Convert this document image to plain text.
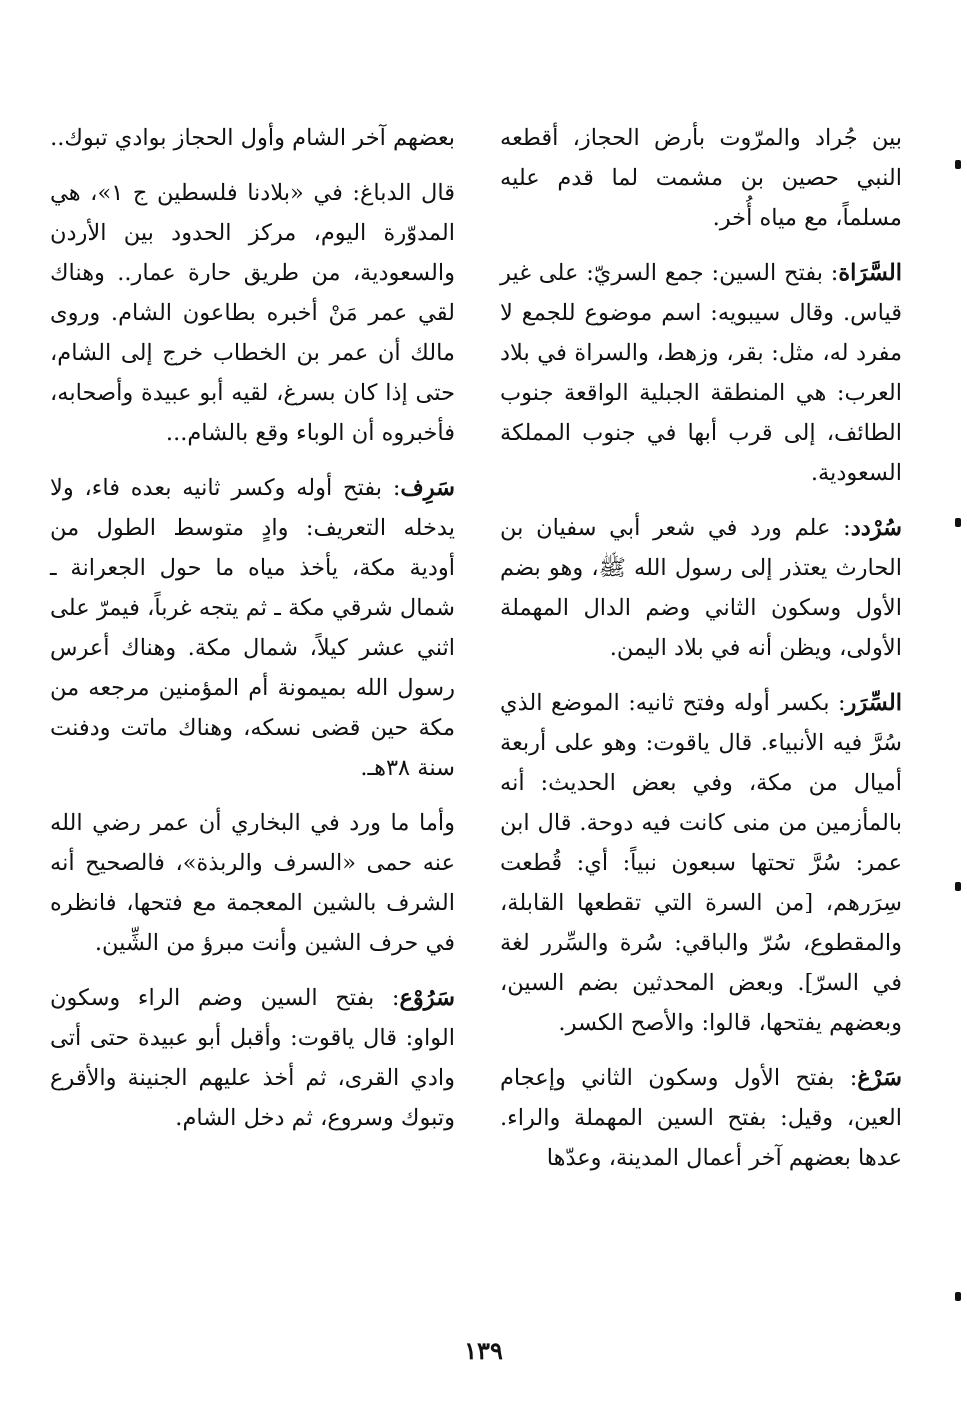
بين جُراد والمرّوت بأرض الحجاز، أقطعه النبي حصين بن مشمت لما قدم عليه مسلماً، مع مياه أُخر.

السَّرَاة: بفتح السين: جمع السريّ: على غير قياس. وقال سيبويه: اسم موضوع للجمع لا مفرد له، مثل: بقر، وزهط، والسراة في بلاد العرب: هي المنطقة الجبلية الواقعة جنوب الطائف، إلى قرب أبها في جنوب المملكة السعودية.

سُرْدد: علم ورد في شعر أبي سفيان بن الحارث يعتذر إلى رسول الله ﷺ، وهو بضم الأول وسكون الثاني وضم الدال المهملة الأولى، ويظن أنه في بلاد اليمن.

السِّرَر: بكسر أوله وفتح ثانيه: الموضع الذي سُرَّ فيه الأنبياء. قال ياقوت: وهو على أربعة أميال من مكة، وفي بعض الحديث: أنه بالمأزمين من منى كانت فيه دوحة. قال ابن عمر: سُرَّ تحتها سبعون نبياً: أي: قُطعت سِرَرهم، [من السرة التي تقطعها القابلة، والمقطوع، سُرّ والباقي: سُرة والسِّرر لغة في السرّ]. وبعض المحدثين بضم السين، وبعضهم يفتحها، قالوا: والأصح الكسر.

سَرْغ: بفتح الأول وسكون الثاني وإعجام العين، وقيل: بفتح السين المهملة والراء. عدها بعضهم آخر أعمال المدينة، وعدّها

بعضهم آخر الشام وأول الحجاز بوادي تبوك..

قال الدباغ: في «بلادنا فلسطين ج ١»، هي المدوّرة اليوم، مركز الحدود بين الأردن والسعودية، من طريق حارة عمار.. وهناك لقي عمر مَنْ أخبره بطاعون الشام. وروى مالك أن عمر بن الخطاب خرج إلى الشام، حتى إذا كان بسرغ، لقيه أبو عبيدة وأصحابه، فأخبروه أن الوباء وقع بالشام...

سَرِف: بفتح أوله وكسر ثانيه بعده فاء، ولا يدخله التعريف: وادٍ متوسط الطول من أودية مكة، يأخذ مياه ما حول الجعرانة ـ شمال شرقي مكة ـ ثم يتجه غرباً، فيمرّ على اثني عشر كيلاً، شمال مكة. وهناك أعرس رسول الله بميمونة أم المؤمنين مرجعه من مكة حين قضى نسكه، وهناك ماتت ودفنت سنة ٣٨هـ.

وأما ما ورد في البخاري أن عمر رضي الله عنه حمى «السرف والربذة»، فالصحيح أنه الشرف بالشين المعجمة مع فتحها، فانظره في حرف الشين وأنت مبرؤ من الشِّين.

سَرُوْع: بفتح السين وضم الراء وسكون الواو: قال ياقوت: وأقبل أبو عبيدة حتى أتى وادي القرى، ثم أخذ عليهم الجنينة والأقرع وتبوك وسروع، ثم دخل الشام.

١٣٩
